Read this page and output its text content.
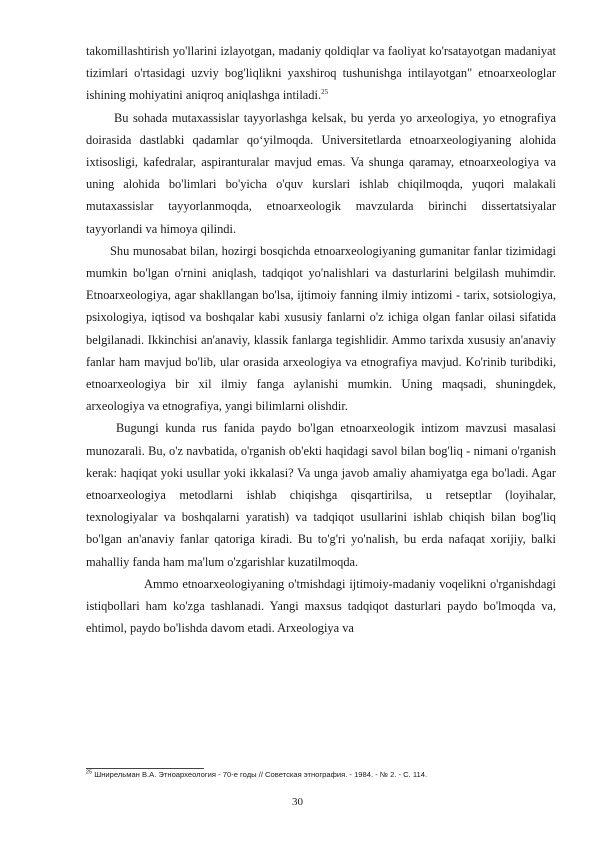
takomillashtirish yo'llarini izlayotgan, madaniy qoldiqlar va faoliyat ko'rsatayotgan madaniyat tizimlari o'rtasidagi uzviy bog'liqlikni yaxshiroq tushunishga intilayotgan" etnoarxeologlar ishining mohiyatini aniqroq aniqlashga intiladi.$^{25}$

Bu sohada mutaxassislar tayyorlashga kelsak, bu yerda yo arxeologiya, yo etnografiya doirasida dastlabki qadamlar qo‘yilmoqda. Universitetlarda etnoarxeologiyaning alohida ixtisosligi, kafedralar, aspiranturalar mavjud emas. Va shunga qaramay, etnoarxeologiya va uning alohida bo'limlari bo'yicha o'quv kurslari ishlab chiqilmoqda, yuqori malakali mutaxassislar tayyorlanmoqda, etnoarxeologik mavzularda birinchi dissertatsiyalar tayyorlandi va himoya qilindi.

Shu munosabat bilan, hozirgi bosqichda etnoarxeologiyaning gumanitar fanlar tizimidagi mumkin bo'lgan o'rnini aniqlash, tadqiqot yo'nalishlari va dasturlarini belgilash muhimdir. Etnoarxeologiya, agar shakllangan bo'lsa, ijtimoiy fanning ilmiy intizomi - tarix, sotsiologiya, psixologiya, iqtisod va boshqalar kabi xususiy fanlarni o'z ichiga olgan fanlar oilasi sifatida belgilanadi. Ikkinchisi an'anaviy, klassik fanlarga tegishlidir. Ammo tarixda xususiy an'anaviy fanlar ham mavjud bo'lib, ular orasida arxeologiya va etnografiya mavjud. Ko'rinib turibdiki, etnoarxeologiya bir xil ilmiy fanga aylanishi mumkin. Uning maqsadi, shuningdek, arxeologiya va etnografiya, yangi bilimlarni olishdir.

Bugungi kunda rus fanida paydo bo'lgan etnoarxeologik intizom mavzusi masalasi munozarali. Bu, o'z navbatida, o'rganish ob'ekti haqidagi savol bilan bog'liq - nimani o'rganish kerak: haqiqat yoki usullar yoki ikkalasi? Va unga javob amaliy ahamiyatga ega bo'ladi. Agar etnoarxeologiya metodlarni ishlab chiqishga qisqartirilsa, u retseptlar (loyihalar, texnologiyalar va boshqalarni yaratish) va tadqiqot usullarini ishlab chiqish bilan bog'liq bo'lgan an'anaviy fanlar qatoriga kiradi. Bu to'g'ri yo'nalish, bu erda nafaqat xorijiy, balki mahalliy fanda ham ma'lum o'zgarishlar kuzatilmoqda.

Ammo etnoarxeologiyaning o'tmishdagi ijtimoiy-madaniy voqelikni o'rganishdagi istiqbollari ham ko'zga tashlanadi. Yangi maxsus tadqiqot dasturlari paydo bo'lmoqda va, ehtimol, paydo bo'lishda davom etadi. Arxeologiya va

$^{25}$ Шнирельман В.А. Этноархеология - 70-е годы // Советская этнография. - 1984. - № 2. - С. 114.
30
